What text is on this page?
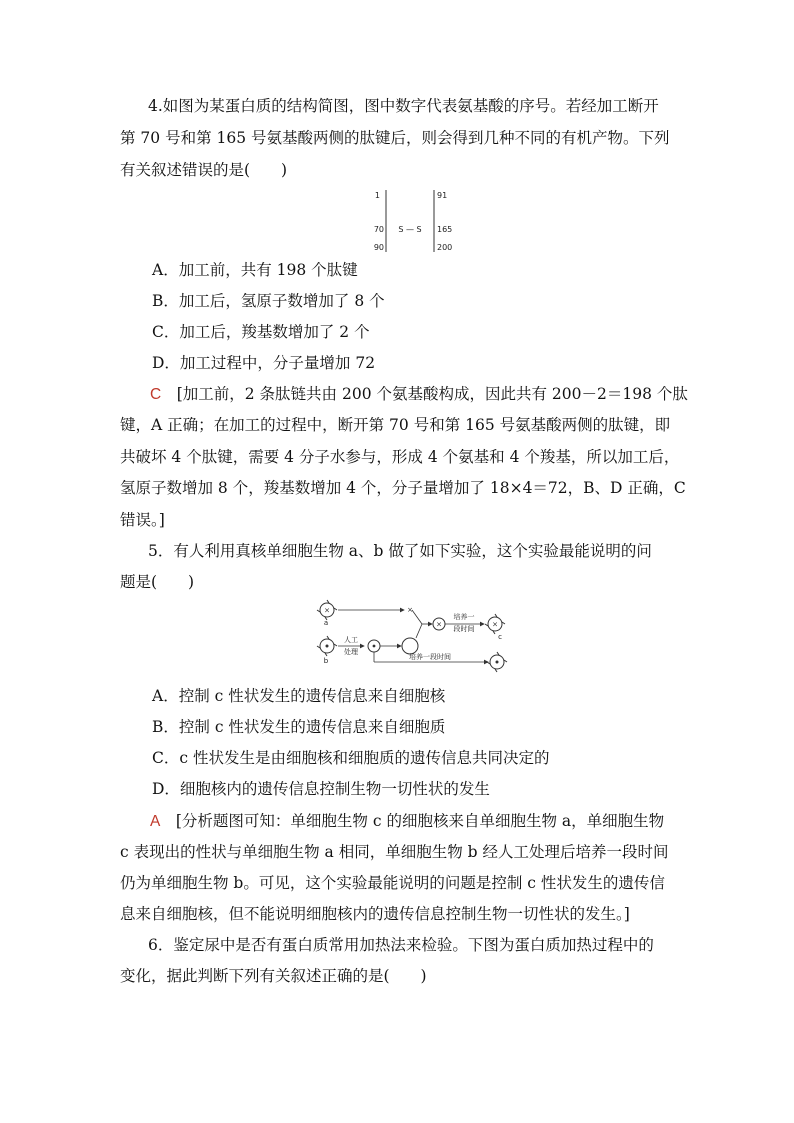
4.如图为某蛋白质的结构简图，图中数字代表氨基酸的序号。若经加工断开
第 70 号和第 165 号氨基酸两侧的肽键后，则会得到几种不同的有机产物。下列
有关叙述错误的是(　　)
1
70
90
91
165
200
S — S
A．加工前，共有 198 个肽键
B．加工后，氢原子数增加了 8 个
C．加工后，羧基数增加了 2 个
D．加工过程中，分子量增加 72
C　 [加工前，2 条肽链共由 200 个氨基酸构成，因此共有 200－2＝198 个肽
键，A 正确；在加工的过程中，断开第 70 号和第 165 号氨基酸两侧的肽键，即
共破坏 4 个肽键，需要 4 分子水参与，形成 4 个氨基和 4 个羧基，所以加工后，
氢原子数增加 8 个，羧基数增加 4 个，分子量增加了 18×4＝72，B、D 正确，C
错误。]
5．有人利用真核单细胞生物 a、b 做了如下实验，这个实验最能说明的问
题是(　　)
×
a
×
b
人工
处理
×
培养一
段时间
×
c
培养一段时间
A．控制 c 性状发生的遗传信息来自细胞核
B．控制 c 性状发生的遗传信息来自细胞质
C．c 性状发生是由细胞核和细胞质的遗传信息共同决定的
D．细胞核内的遗传信息控制生物一切性状的发生
A　 [分析题图可知：单细胞生物 c 的细胞核来自单细胞生物 a，单细胞生物
c 表现出的性状与单细胞生物 a 相同，单细胞生物 b 经人工处理后培养一段时间
仍为单细胞生物 b。可见，这个实验最能说明的问题是控制 c 性状发生的遗传信
息来自细胞核，但不能说明细胞核内的遗传信息控制生物一切性状的发生。]
6．鉴定尿中是否有蛋白质常用加热法来检验。下图为蛋白质加热过程中的
变化，据此判断下列有关叙述正确的是(　　)
